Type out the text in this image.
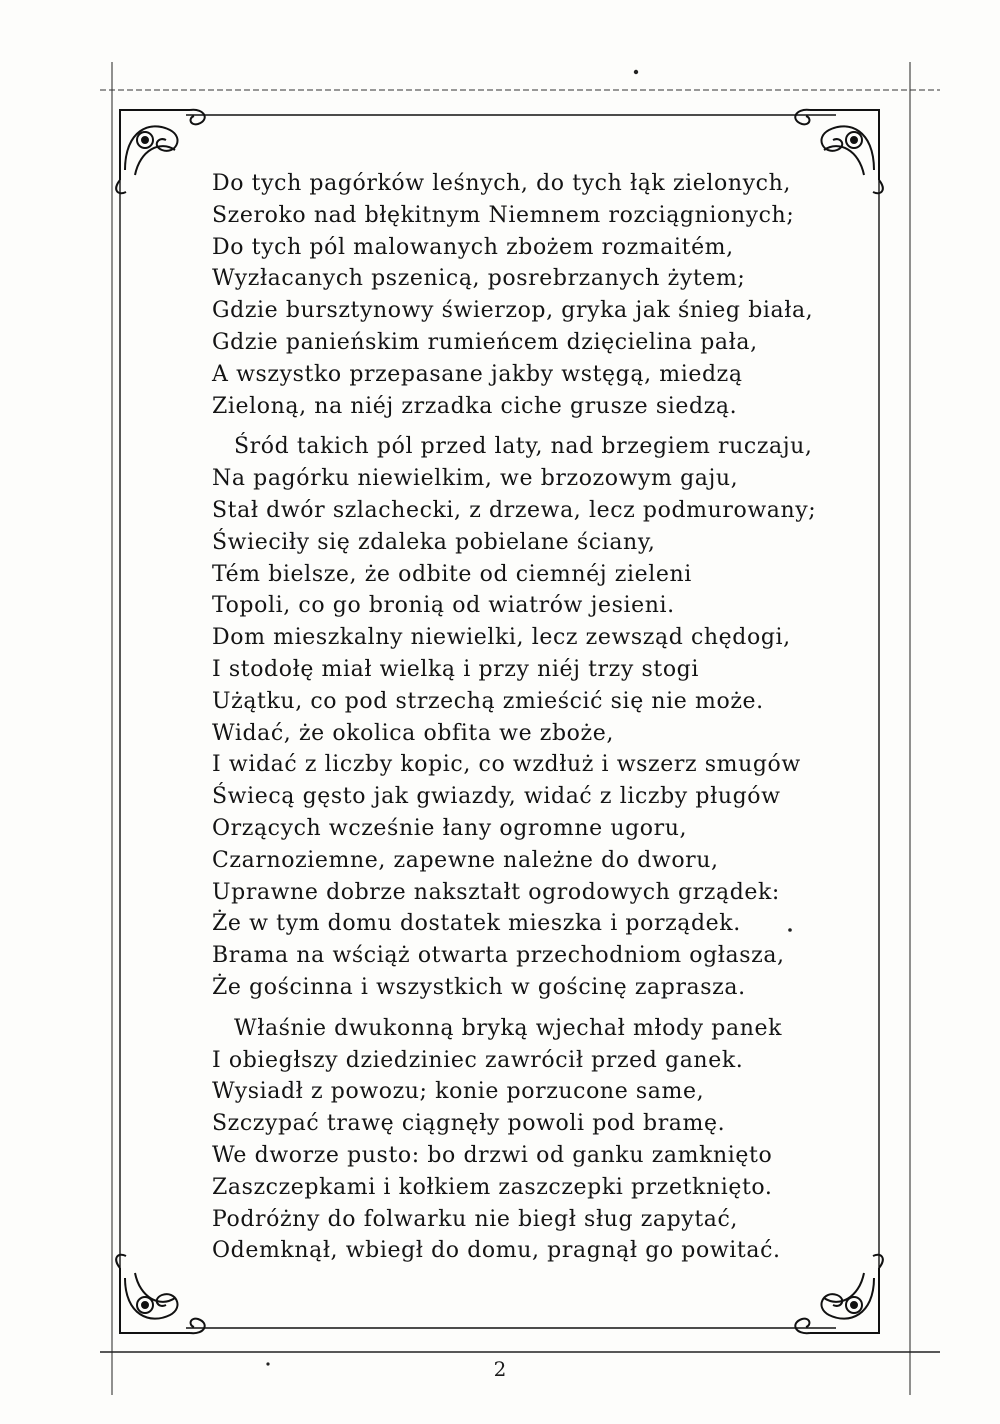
Do tych pagórków leśnych, do tych łąk zielonych,
Szeroko nad błękitnym Niemnem rozciągnionych;
Do tych pól malowanych zbożem rozmaitém,
Wyzłacanych pszenicą, posrebrzanych żytem;
Gdzie bursztynowy świerzop, gryka jak śnieg biała,
Gdzie panieńskim rumieńcem dzięcielina pała,
A wszystko przepasane jakby wstęgą, miedzą
Zieloną, na niéj zrzadka ciche grusze siedzą.
Śród takich pól przed laty, nad brzegiem ruczaju,
Na pagórku niewielkim, we brzozowym gaju,
Stał dwór szlachecki, z drzewa, lecz podmurowany;
Świeciły się zdaleka pobielane ściany,
Tém bielsze, że odbite od ciemnéj zieleni
Topoli, co go bronią od wiatrów jesieni.
Dom mieszkalny niewielki, lecz zewsząd chędogi,
I stodołę miał wielką i przy niéj trzy stogi
Użątku, co pod strzechą zmieścić się nie może.
Widać, że okolica obfita we zboże,
I widać z liczby kopic, co wzdłuż i wszerz smugów
Świecą gęsto jak gwiazdy, widać z liczby pługów
Orzących wcześnie łany ogromne ugoru,
Czarnoziemne, zapewne należne do dworu,
Uprawne dobrze nakształt ogrodowych grządek:
Że w tym domu dostatek mieszka i porządek.
Brama na wściąż otwarta przechodniom ogłasza,
Że gościnna i wszystkich w gościnę zaprasza.
Właśnie dwukonną bryką wjechał młody panek
I obiegłszy dziedziniec zawrócił przed ganek.
Wysiadł z powozu; konie porzucone same,
Szczypać trawę ciągnęły powoli pod bramę.
We dworze pusto: bo drzwi od ganku zamknięto
Zaszczepkami i kołkiem zaszczepki przetknięto.
Podróżny do folwarku nie biegł sług zapytać,
Odemknął, wbiegł do domu, pragnął go powitać.
2
